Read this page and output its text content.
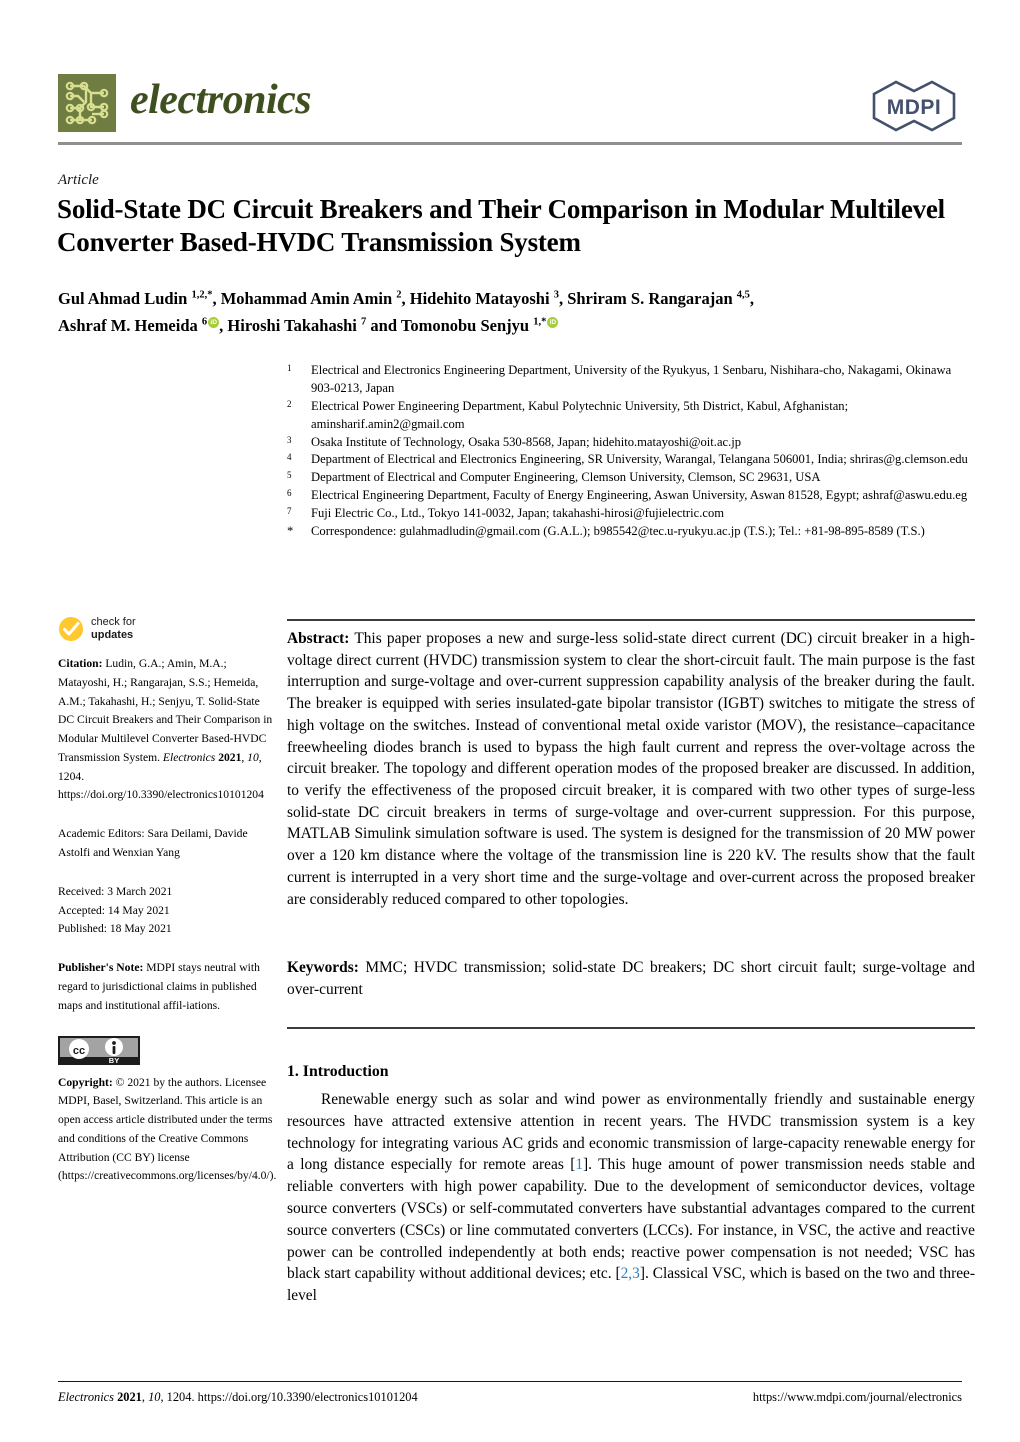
electronics	MDPI
Article
Solid-State DC Circuit Breakers and Their Comparison in Modular Multilevel Converter Based-HVDC Transmission System
Gul Ahmad Ludin $^{1,2,*}$, Mohammad Amin Amin $^2$, Hidehito Matayoshi $^3$, Shriram S. Rangarajan $^{4,5}$,
Ashraf M. Hemeida $^6$ iD , Hiroshi Takahashi $^7$ and Tomonobu Senjyu $^{1,*}$iD
1	Electrical and Electronics Engineering Department, University of the Ryukyus, 1 Senbaru, Nishihara-cho, Nakagami, Okinawa 903-0213, Japan
2	Electrical Power Engineering Department, Kabul Polytechnic University, 5th District, Kabul, Afghanistan; aminsharif.amin2@gmail.com
3	Osaka Institute of Technology, Osaka 530-8568, Japan; hidehito.matayoshi@oit.ac.jp
4	Department of Electrical and Electronics Engineering, SR University, Warangal, Telangana 506001, India; shriras@g.clemson.edu
5	Department of Electrical and Computer Engineering, Clemson University, Clemson, SC 29631, USA
6	Electrical Engineering Department, Faculty of Energy Engineering, Aswan University, Aswan 81528, Egypt; ashraf@aswu.edu.eg
7	Fuji Electric Co., Ltd., Tokyo 141-0032, Japan; takahashi-hirosi@fujielectric.com
*	Correspondence: gulahmadludin@gmail.com (G.A.L.); b985542@tec.u-ryukyu.ac.jp (T.S.); Tel.: +81-98-895-8589 (T.S.)
check for
updates
Citation: Ludin, G.A.; Amin, M.A.; Matayoshi, H.; Rangarajan, S.S.; Hemeida, A.M.; Takahashi, H.; Senjyu, T. Solid-State DC Circuit Breakers and Their Comparison in Modular Multilevel Converter Based-HVDC Transmission System. Electronics 2021, 10, 1204. https://doi.org/10.3390/electronics10101204
Academic Editors: Sara Deilami, Davide Astolfi and Wenxian Yang
Received: 3 March 2021
Accepted: 14 May 2021
Published: 18 May 2021
Publisher's Note: MDPI stays neutral with regard to jurisdictional claims in published maps and institutional affil-iations.
cc
BY
Copyright: © 2021 by the authors. Licensee MDPI, Basel, Switzerland. This article is an open access article distributed under the terms and conditions of the Creative Commons Attribution (CC BY) license (https://creativecommons.org/licenses/by/4.0/).
Abstract: This paper proposes a new and surge-less solid-state direct current (DC) circuit breaker in a high-voltage direct current (HVDC) transmission system to clear the short-circuit fault. The main purpose is the fast interruption and surge-voltage and over-current suppression capability analysis of the breaker during the fault. The breaker is equipped with series insulated-gate bipolar transistor (IGBT) switches to mitigate the stress of high voltage on the switches. Instead of conventional metal oxide varistor (MOV), the resistance–capacitance freewheeling diodes branch is used to bypass the high fault current and repress the over-voltage across the circuit breaker. The topology and different operation modes of the proposed breaker are discussed. In addition, to verify the effectiveness of the proposed circuit breaker, it is compared with two other types of surge-less solid-state DC circuit breakers in terms of surge-voltage and over-current suppression. For this purpose, MATLAB Simulink simulation software is used. The system is designed for the transmission of 20 MW power over a 120 km distance where the voltage of the transmission line is 220 kV. The results show that the fault current is interrupted in a very short time and the surge-voltage and over-current across the proposed breaker are considerably reduced compared to other topologies.
Keywords: MMC; HVDC transmission; solid-state DC breakers; DC short circuit fault; surge-voltage and over-current
1. Introduction

Renewable energy such as solar and wind power as environmentally friendly and sustainable energy resources have attracted extensive attention in recent years. The HVDC transmission system is a key technology for integrating various AC grids and economic transmission of large-capacity renewable energy for a long distance especially for remote areas [1]. This huge amount of power transmission needs stable and reliable converters with high power capability. Due to the development of semiconductor devices, voltage source converters (VSCs) or self-commutated converters have substantial advantages compared to the current source converters (CSCs) or line commutated converters (LCCs). For instance, in VSC, the active and reactive power can be controlled independently at both ends; reactive power compensation is not needed; VSC has black start capability without additional devices; etc. [2,3]. Classical VSC, which is based on the two and three-level

Electronics 2021, 10, 1204. https://doi.org/10.3390/electronics10101204	https://www.mdpi.com/journal/electronics
